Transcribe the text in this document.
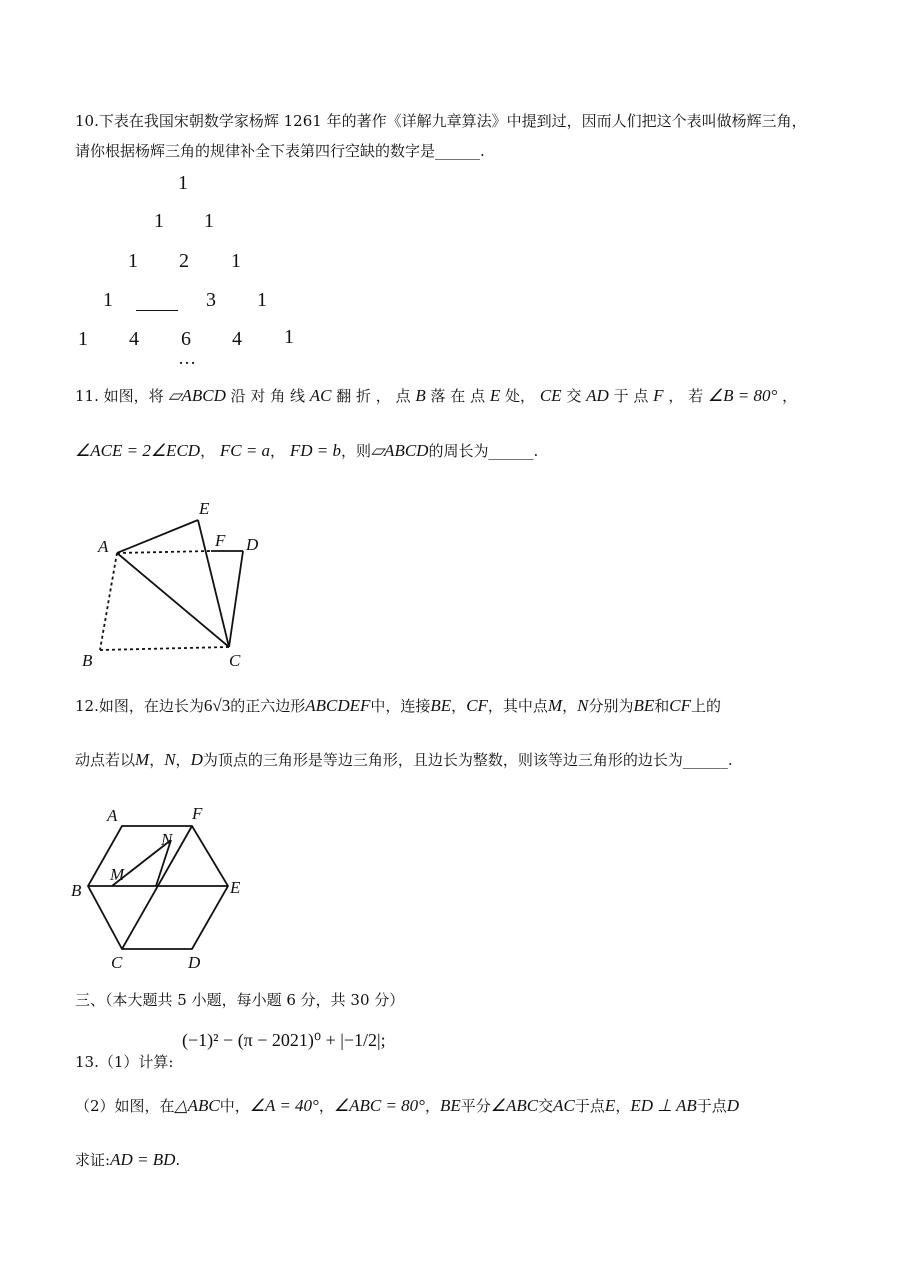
10.下表在我国宋朝数学家杨辉 1261 年的著作《详解九章算法》中提到过，因而人们把这个表叫做杨辉三角，
请你根据杨辉三角的规律补全下表第四行空缺的数字是______.
1
1 1
1 2 1
1	3 1
1 4 6 4 1
…
11. 如图，将 ▱ABCD 沿 对 角 线 AC 翻 折 ， 点 B 落 在 点 E 处， CE 交 AD 于 点 F ， 若 ∠B = 80° ，
∠ACE = 2∠ECD， FC = a， FD = b，则▱ABCD的周长为______.
A
E
F D
B	C
12.如图，在边长为6√3的正六边形ABCDEF中，连接BE，CF，其中点M，N分别为BE和CF上的
动点若以M，N，D为顶点的三角形是等边三角形，且边长为整数，则该等边三角形的边长为______.
A	F
N
M
B	E
C	D
三、（本大题共 5 小题，每小题 6 分，共 30 分）
13.（1）计算:
(−1)² − (π − 2021)⁰ + |−1/2|;
（2）如图，在△ABC中，∠A = 40°，∠ABC = 80°，BE平分∠ABC交AC于点E，ED ⊥ AB于点D
求证:AD = BD.
